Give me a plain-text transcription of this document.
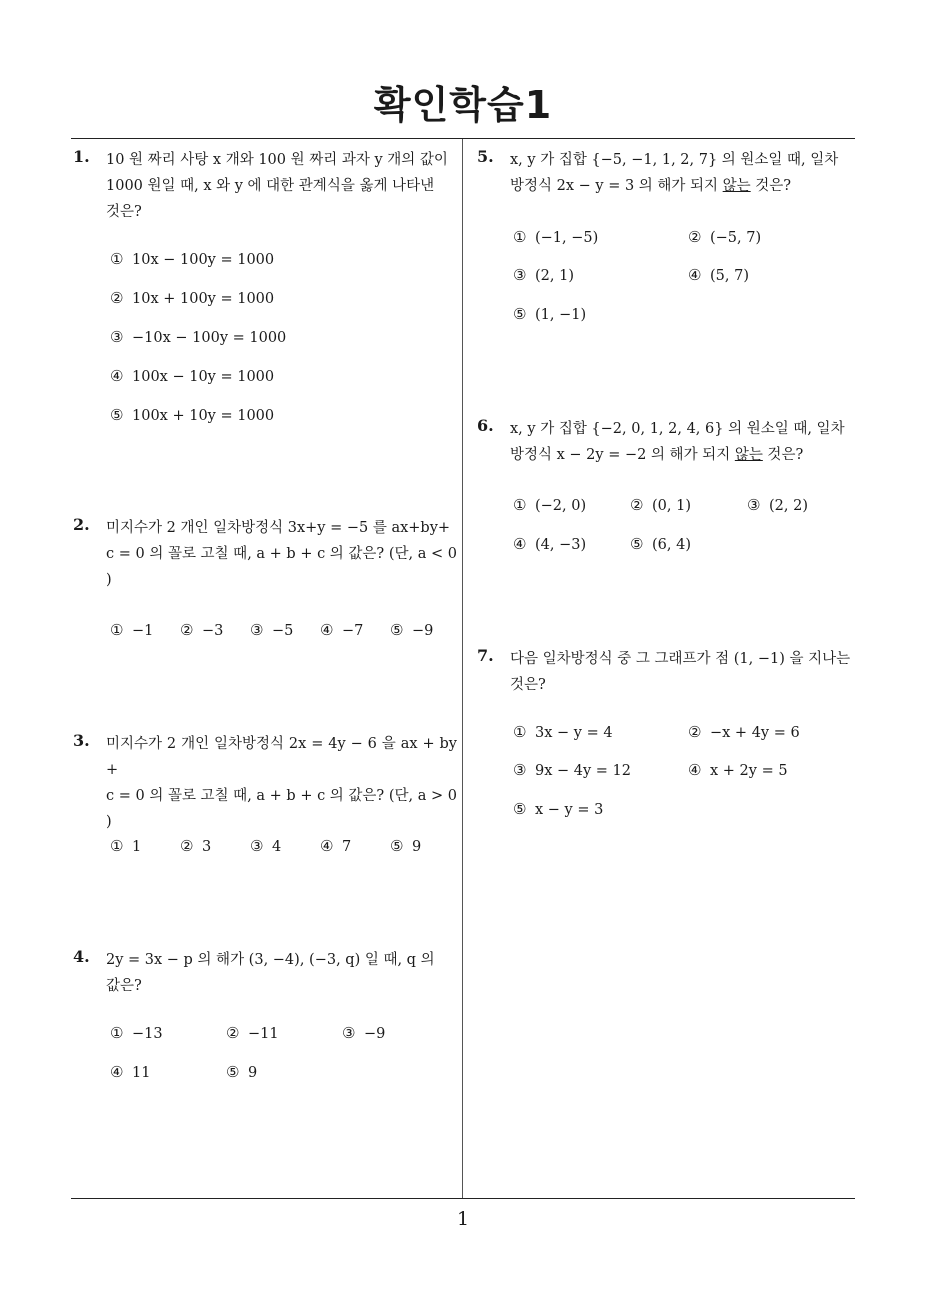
확인학습1
1. 10 원 짜리 사탕 x 개와 100 원 짜리 과자 y 개의 값이

1000 원일 때, x 와 y 에 대한 관계식을 옳게 나타낸

것은?

① 10x − 100y = 1000
② 10x + 100y = 1000
③ −10x − 100y = 1000
④ 100x − 10y = 1000
⑤ 100x + 10y = 1000
2. 미지수가 2 개인 일차방정식 3x+y = −5 를 ax+by+

c = 0 의 꼴로 고칠 때, a + b + c 의 값은? (단, a < 0

)

① −1 ② −3 ③ −5 ④ −7 ⑤ −9
3. 미지수가 2 개인 일차방정식 2x = 4y − 6 을 ax + by +

c = 0 의 꼴로 고칠 때, a + b + c 의 값은? (단, a > 0

)

① 1	② 3	③ 4	④ 7	⑤ 9
4. 2y = 3x − p 의 해가 (3, −4), (−3, q) 일 때, q 의

값은?

① −13	② −11	③ −9
④ 11	⑤ 9
5. x, y 가 집합 {−5, −1, 1, 2, 7} 의 원소일 때, 일차

방정식 2x − y = 3 의 해가 되지 않는 것은?

① (−1, −5)	② (−5, 7)
③ (2, 1)	④ (5, 7)
⑤ (1, −1)
6. x, y 가 집합 {−2, 0, 1, 2, 4, 6} 의 원소일 때, 일차

방정식 x − 2y = −2 의 해가 되지 않는 것은?

① (−2, 0)	② (0, 1)	③ (2, 2)
④ (4, −3)	⑤ (6, 4)
7. 다음 일차방정식 중 그 그래프가 점 (1, −1) 을 지나는

것은?

① 3x − y = 4	② −x + 4y = 6
③ 9x − 4y = 12	④ x + 2y = 5
⑤ x − y = 3
1
